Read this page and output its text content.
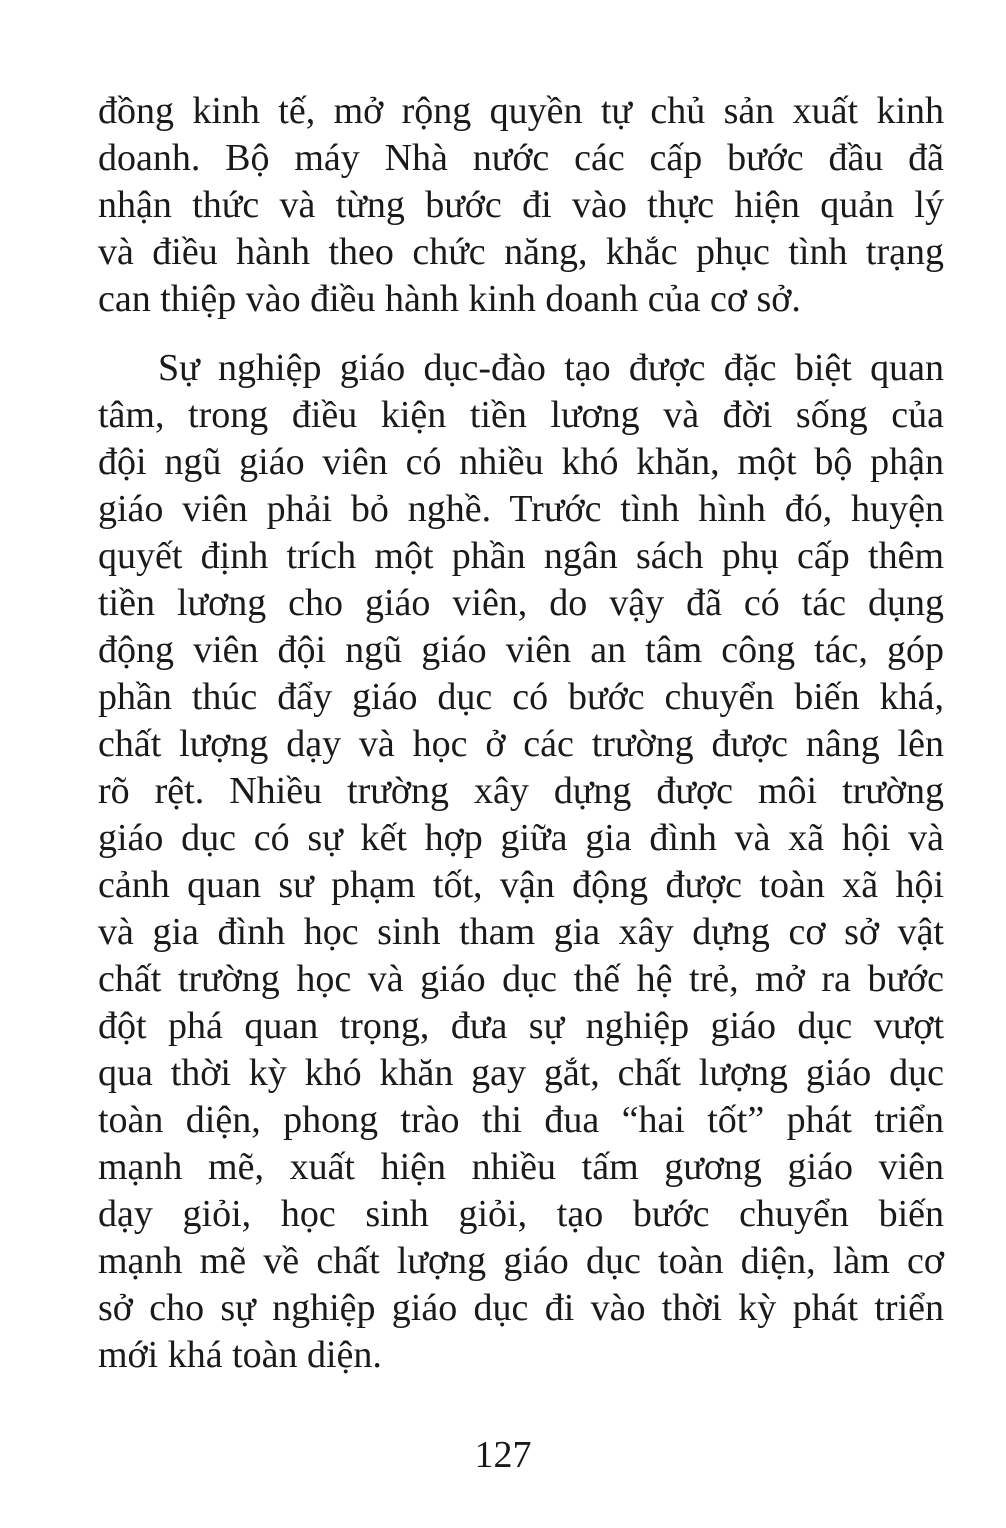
đồng kinh tế, mở rộng quyền tự chủ sản xuất kinh
doanh. Bộ máy Nhà nước các cấp bước đầu đã
nhận thức và từng bước đi vào thực hiện quản lý
và điều hành theo chức năng, khắc phục tình trạng
can thiệp vào điều hành kinh doanh của cơ sở.
Sự nghiệp giáo dục-đào tạo được đặc biệt quan
tâm, trong điều kiện tiền lương và đời sống của
đội ngũ giáo viên có nhiều khó khăn, một bộ phận
giáo viên phải bỏ nghề. Trước tình hình đó, huyện
quyết định trích một phần ngân sách phụ cấp thêm
tiền lương cho giáo viên, do vậy đã có tác dụng
động viên đội ngũ giáo viên an tâm công tác, góp
phần thúc đẩy giáo dục có bước chuyển biến khá,
chất lượng dạy và học ở các trường được nâng lên
rõ rệt. Nhiều trường xây dựng được môi trường
giáo dục có sự kết hợp giữa gia đình và xã hội và
cảnh quan sư phạm tốt, vận động được toàn xã hội
và gia đình học sinh tham gia xây dựng cơ sở vật
chất trường học và giáo dục thế hệ trẻ, mở ra bước
đột phá quan trọng, đưa sự nghiệp giáo dục vượt
qua thời kỳ khó khăn gay gắt, chất lượng giáo dục
toàn diện, phong trào thi đua “hai tốt” phát triển
mạnh mẽ, xuất hiện nhiều tấm gương giáo viên
dạy giỏi, học sinh giỏi, tạo bước chuyển biến
mạnh mẽ về chất lượng giáo dục toàn diện, làm cơ
sở cho sự nghiệp giáo dục đi vào thời kỳ phát triển
mới khá toàn diện.
127
